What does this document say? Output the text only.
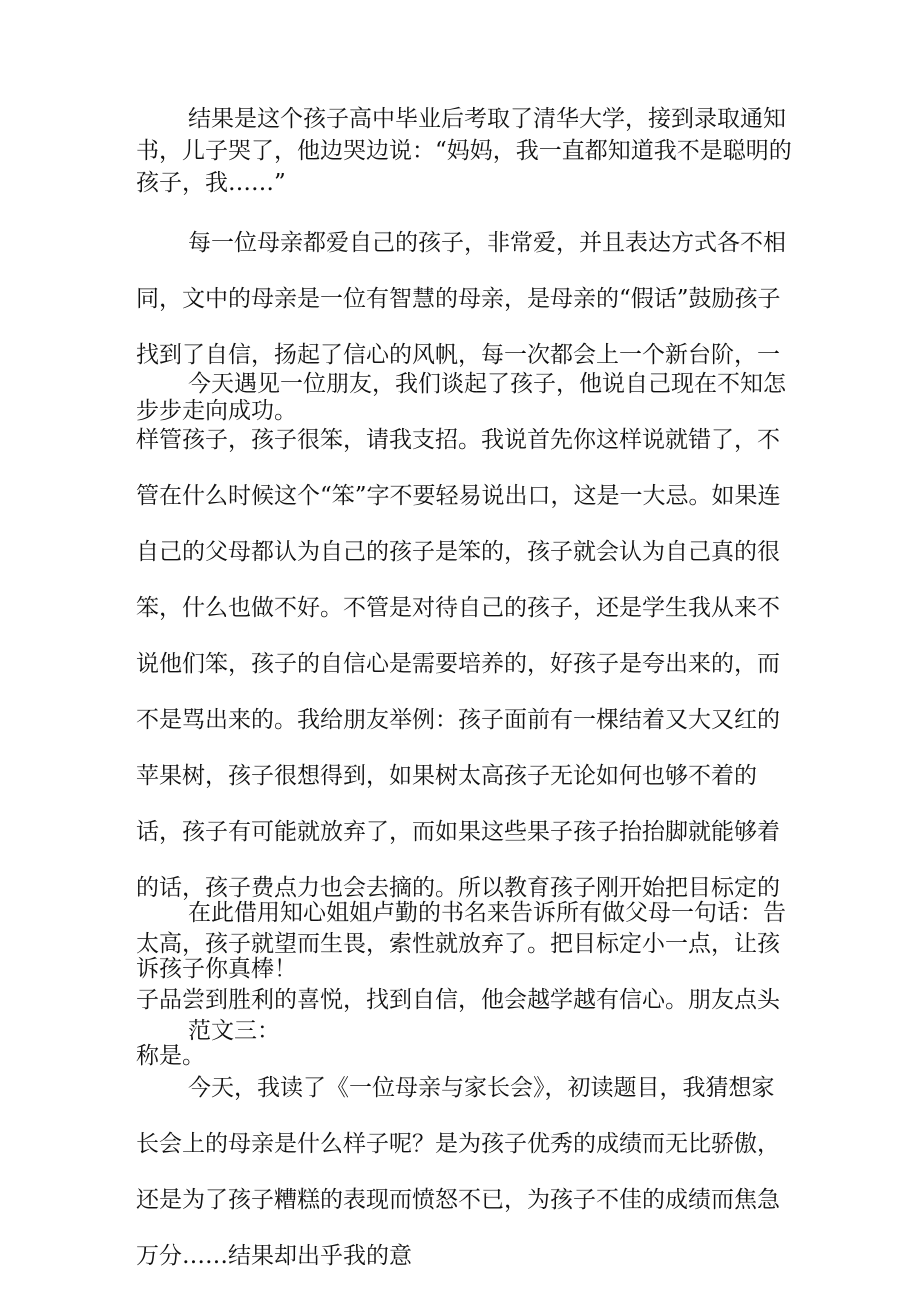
结果是这个孩子高中毕业后考取了清华大学，接到录取通知书，儿子哭了，他边哭边说：“妈妈，我一直都知道我不是聪明的孩子，我……”

每一位母亲都爱自己的孩子，非常爱，并且表达方式各不相同，文中的母亲是一位有智慧的母亲，是母亲的“假话”鼓励孩子找到了自信，扬起了信心的风帆，每一次都会上一个新台阶，一步步走向成功。

今天遇见一位朋友，我们谈起了孩子，他说自己现在不知怎样管孩子，孩子很笨，请我支招。我说首先你这样说就错了，不管在什么时候这个“笨”字不要轻易说出口，这是一大忌。如果连自己的父母都认为自己的孩子是笨的，孩子就会认为自己真的很笨，什么也做不好。不管是对待自己的孩子，还是学生我从来不说他们笨，孩子的自信心是需要培养的，好孩子是夸出来的，而不是骂出来的。我给朋友举例：孩子面前有一棵结着又大又红的苹果树，孩子很想得到，如果树太高孩子无论如何也够不着的话，孩子有可能就放弃了，而如果这些果子孩子抬抬脚就能够着的话，孩子费点力也会去摘的。所以教育孩子刚开始把目标定的太高，孩子就望而生畏，索性就放弃了。把目标定小一点，让孩子品尝到胜利的喜悦，找到自信，他会越学越有信心。朋友点头称是。

在此借用知心姐姐卢勤的书名来告诉所有做父母一句话：告诉孩子你真棒！

范文三：

今天，我读了《一位母亲与家长会》，初读题目，我猜想家长会上的母亲是什么样子呢？是为孩子优秀的成绩而无比骄傲，还是为了孩子糟糕的表现而愤怒不已，为孩子不佳的成绩而焦急万分……结果却出乎我的意
